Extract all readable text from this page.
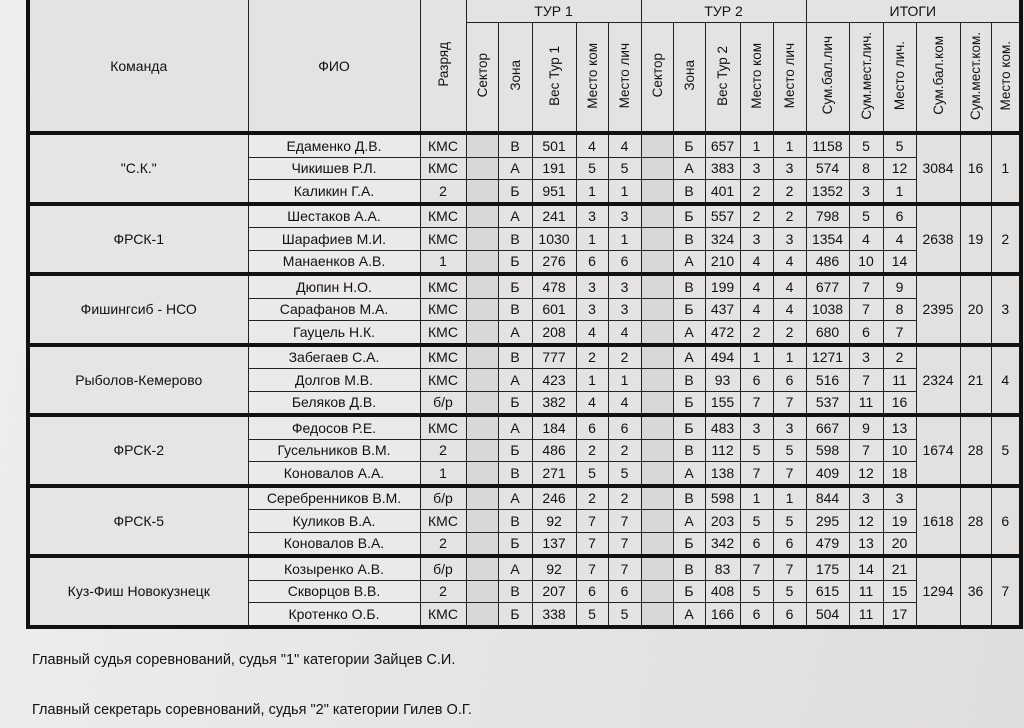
Команда	ФИО	Разряд	ТУР 1					ТУР 2					ИТОГИ					
			Сектор	Зона	Вес Тур 1	Место ком	Место лич	Сектор	Зона	Вес Тур 2	Место ком	Место лич	Сум.бал.лич	Сум.мест.лич.	Место лич.	Сум.бал.ком	Сум.мест.ком.	Место ком.
"С.К."	Едаменко Д.В.	КМС		В	501	4	4		Б	657	1	1	1158	5	5	3084	16	1
	Чикишев Р.Л.	КМС		А	191	5	5		А	383	3	3	574	8	12			
	Каликин Г.А.	2		Б	951	1	1		В	401	2	2	1352	3	1			
ФРСК-1	Шестаков А.А.	КМС		А	241	3	3		Б	557	2	2	798	5	6	2638	19	2
	Шарафиев М.И.	КМС		В	1030	1	1		В	324	3	3	1354	4	4			
	Манаенков А.В.	1		Б	276	6	6		А	210	4	4	486	10	14			
Фишингсиб - НСО	Дюпин Н.О.	КМС		Б	478	3	3		В	199	4	4	677	7	9	2395	20	3
	Сарафанов М.А.	КМС		В	601	3	3		Б	437	4	4	1038	7	8			
	Гауцель Н.К.	КМС		А	208	4	4		А	472	2	2	680	6	7			
Рыболов-Кемерово	Забегаев С.А.	КМС		В	777	2	2		А	494	1	1	1271	3	2	2324	21	4
	Долгов М.В.	КМС		А	423	1	1		В	93	6	6	516	7	11			
	Беляков Д.В.	б/р		Б	382	4	4		Б	155	7	7	537	11	16			
ФРСК-2	Федосов Р.Е.	КМС		А	184	6	6		Б	483	3	3	667	9	13	1674	28	5
	Гусельников В.М.	2		Б	486	2	2		В	112	5	5	598	7	10			
	Коновалов А.А.	1		В	271	5	5		А	138	7	7	409	12	18			
ФРСК-5	Серебренников В.М.	б/р		А	246	2	2		В	598	1	1	844	3	3	1618	28	6
	Куликов В.А.	КМС		В	92	7	7		А	203	5	5	295	12	19			
	Коновалов В.А.	2		Б	137	7	7		Б	342	6	6	479	13	20			
Куз-Фиш Новокузнецк	Козыренко А.В.	б/р		А	92	7	7		В	83	7	7	175	14	21	1294	36	7
	Скворцов В.В.	2		В	207	6	6		Б	408	5	5	615	11	15			
	Кротенко О.Б.	КМС		Б	338	5	5		А	166	6	6	504	11	17			
Главный судья соревнований, судья "1" категории Зайцев С.И.
Главный секретарь соревнований, судья "2" категории Гилев О.Г.
